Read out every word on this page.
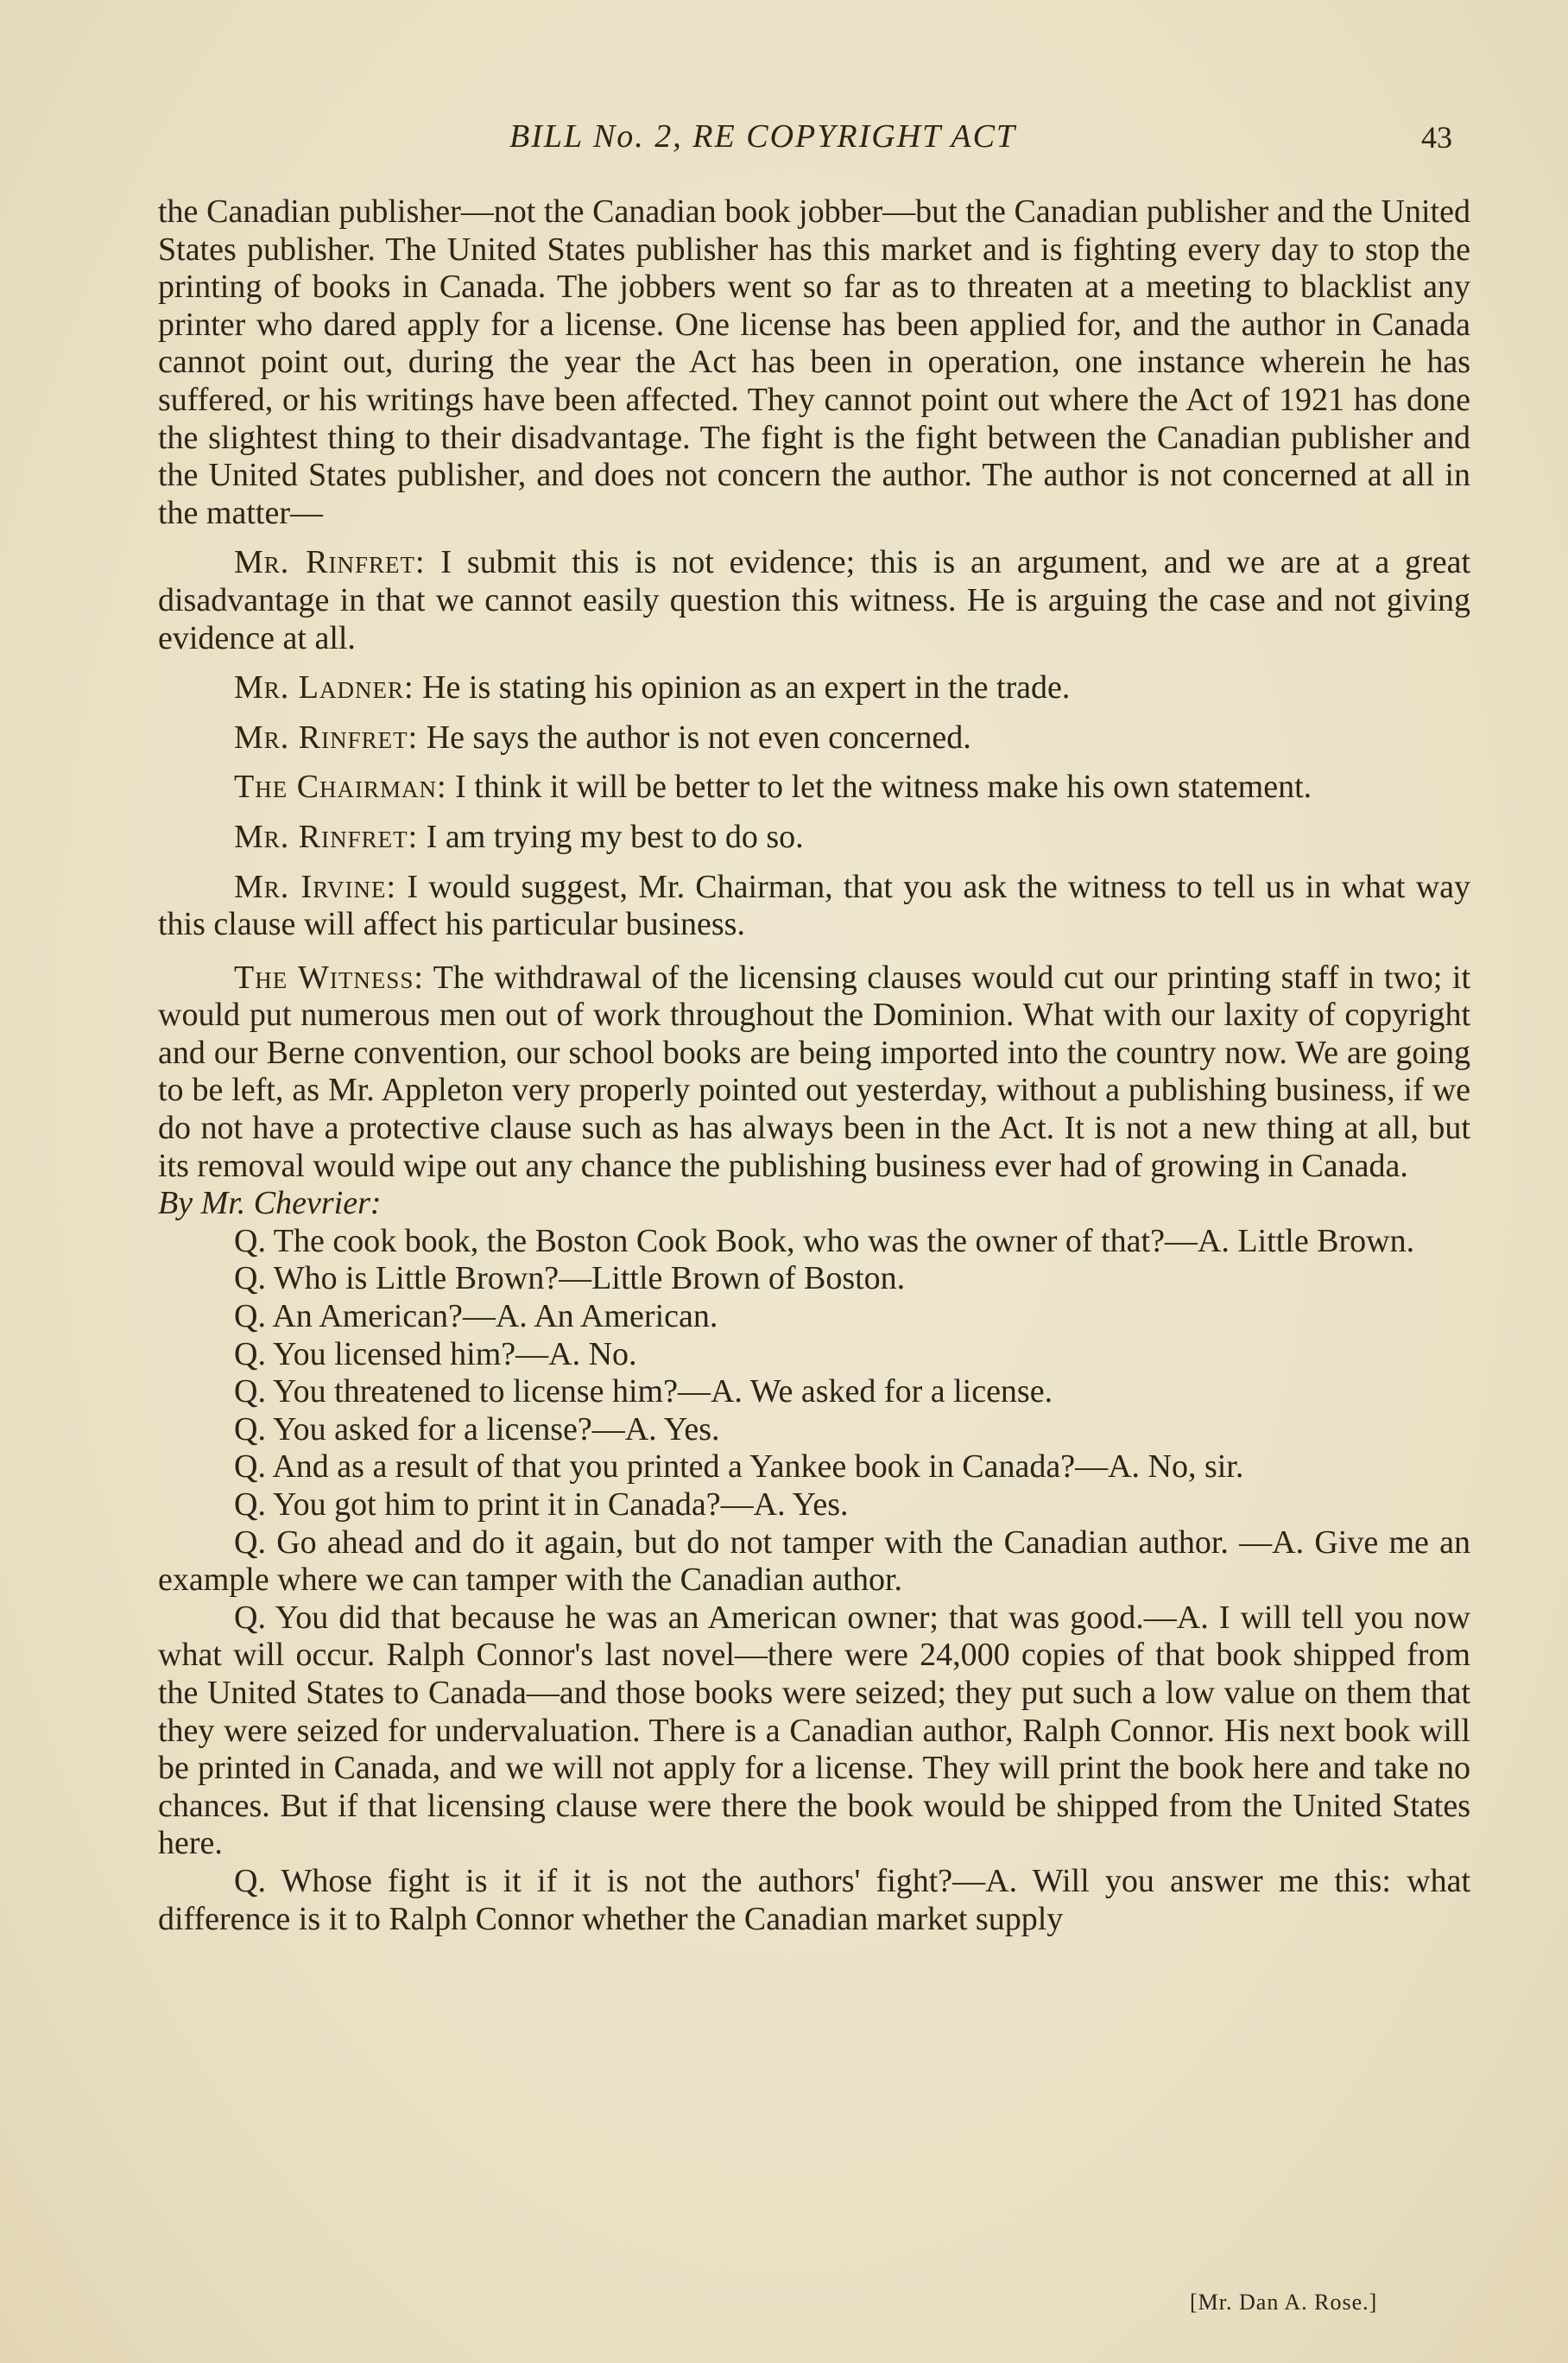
BILL No. 2, RE COPYRIGHT ACT	43

the Canadian publisher—not the Canadian book jobber—but the Canadian publisher and the United States publisher. The United States publisher has this market and is fighting every day to stop the printing of books in Canada. The jobbers went so far as to threaten at a meeting to blacklist any printer who dared apply for a license. One license has been applied for, and the author in Canada cannot point out, during the year the Act has been in operation, one instance wherein he has suffered, or his writings have been affected. They cannot point out where the Act of 1921 has done the slightest thing to their disadvantage. The fight is the fight between the Canadian publisher and the United States publisher, and does not concern the author. The author is not concerned at all in the matter—

Mr. Rinfret: I submit this is not evidence; this is an argument, and we are at a great disadvantage in that we cannot easily question this witness. He is arguing the case and not giving evidence at all.

Mr. Ladner: He is stating his opinion as an expert in the trade.

Mr. Rinfret: He says the author is not even concerned.

The Chairman: I think it will be better to let the witness make his own statement.

Mr. Rinfret: I am trying my best to do so.

Mr. Irvine: I would suggest, Mr. Chairman, that you ask the witness to tell us in what way this clause will affect his particular business.

The Witness: The withdrawal of the licensing clauses would cut our printing staff in two; it would put numerous men out of work throughout the Dominion. What with our laxity of copyright and our Berne convention, our school books are being imported into the country now. We are going to be left, as Mr. Appleton very properly pointed out yesterday, without a publishing business, if we do not have a protective clause such as has always been in the Act. It is not a new thing at all, but its removal would wipe out any chance the publishing business ever had of growing in Canada.

By Mr. Chevrier:

Q. The cook book, the Boston Cook Book, who was the owner of that?—A. Little Brown.

Q. Who is Little Brown?—Little Brown of Boston.

Q. An American?—A. An American.

Q. You licensed him?—A. No.

Q. You threatened to license him?—A. We asked for a license.

Q. You asked for a license?—A. Yes.

Q. And as a result of that you printed a Yankee book in Canada?—A. No, sir.

Q. You got him to print it in Canada?—A. Yes.

Q. Go ahead and do it again, but do not tamper with the Canadian author. —A. Give me an example where we can tamper with the Canadian author.

Q. You did that because he was an American owner; that was good.—A. I will tell you now what will occur. Ralph Connor's last novel—there were 24,000 copies of that book shipped from the United States to Canada—and those books were seized; they put such a low value on them that they were seized for undervaluation. There is a Canadian author, Ralph Connor. His next book will be printed in Canada, and we will not apply for a license. They will print the book here and take no chances. But if that licensing clause were there the book would be shipped from the United States here.

Q. Whose fight is it if it is not the authors' fight?—A. Will you answer me this: what difference is it to Ralph Connor whether the Canadian market supply

[Mr. Dan A. Rose.]
